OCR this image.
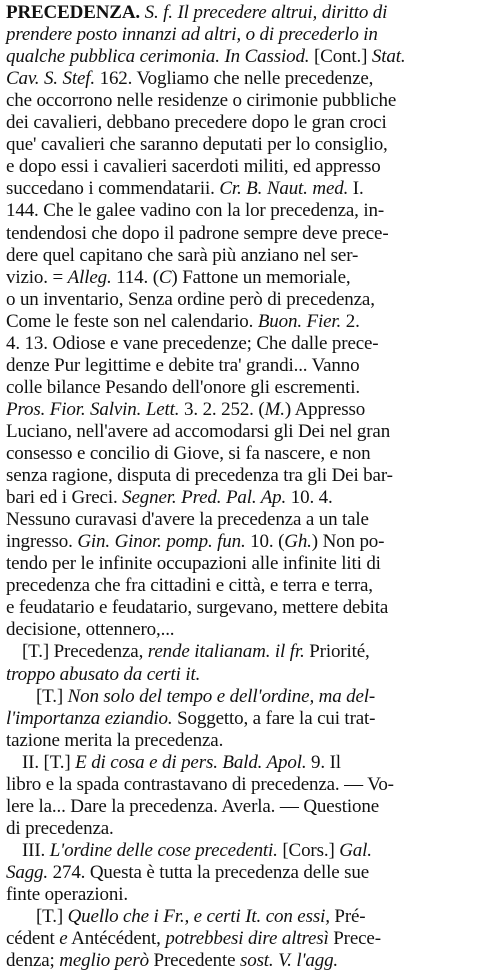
PRECEDENZA. S. f. Il precedere altrui, diritto di
prendere posto innanzi ad altri, o di precederlo in
qualche pubblica cerimonia. In Cassiod. [Cont.] Stat.
Cav. S. Stef. 162. Vogliamo che nelle precedenze,
che occorrono nelle residenze o cirimonie pubbliche
dei cavalieri, debbano precedere dopo le gran croci
que' cavalieri che saranno deputati per lo consiglio,
e dopo essi i cavalieri sacerdoti militi, ed appresso
succedano i commendatarii. Cr. B. Naut. med. I.
144. Che le galee vadino con la lor precedenza, in-
tendendosi che dopo il padrone sempre deve prece-
dere quel capitano che sarà più anziano nel ser-
vizio. = Alleg. 114. (C) Fattone un memoriale,
o un inventario, Senza ordine però di precedenza,
Come le feste son nel calendario. Buon. Fier. 2.
4. 13. Odiose e vane precedenze; Che dalle prece-
denze Pur legittime e debite tra' grandi... Vanno
colle bilance Pesando dell'onore gli escrementi.
Pros. Fior. Salvin. Lett. 3. 2. 252. (M.) Appresso
Luciano, nell'avere ad accomodarsi gli Dei nel gran
consesso e concilio di Giove, si fa nascere, e non
senza ragione, disputa di precedenza tra gli Dei bar-
bari ed i Greci. Segner. Pred. Pal. Ap. 10. 4.
Nessuno curavasi d'avere la precedenza a un tale
ingresso. Gin. Ginor. pomp. fun. 10. (Gh.) Non po-
tendo per le infinite occupazioni alle infinite liti di
precedenza che fra cittadini e città, e terra e terra,
e feudatario e feudatario, surgevano, mettere debita
decisione, ottennero,...
[T.] Precedenza, rende italianam. il fr. Priorité,
troppo abusato da certi it.
[T.] Non solo del tempo e dell'ordine, ma del-
l'importanza eziandio. Soggetto, a fare la cui trat-
tazione merita la precedenza.
II. [T.] E di cosa e di pers. Bald. Apol. 9. Il
libro e la spada contrastavano di precedenza. — Vo-
lere la... Dare la precedenza. Averla. — Questione
di precedenza.
III. L'ordine delle cose precedenti. [Cors.] Gal.
Sagg. 274. Questa è tutta la precedenza delle sue
finte operazioni.
[T.] Quello che i Fr., e certi It. con essi, Pré-
cédent e Antécédent, potrebbesi dire altresì Prece-
denza; meglio però Precedente sost. V. l'agg.
